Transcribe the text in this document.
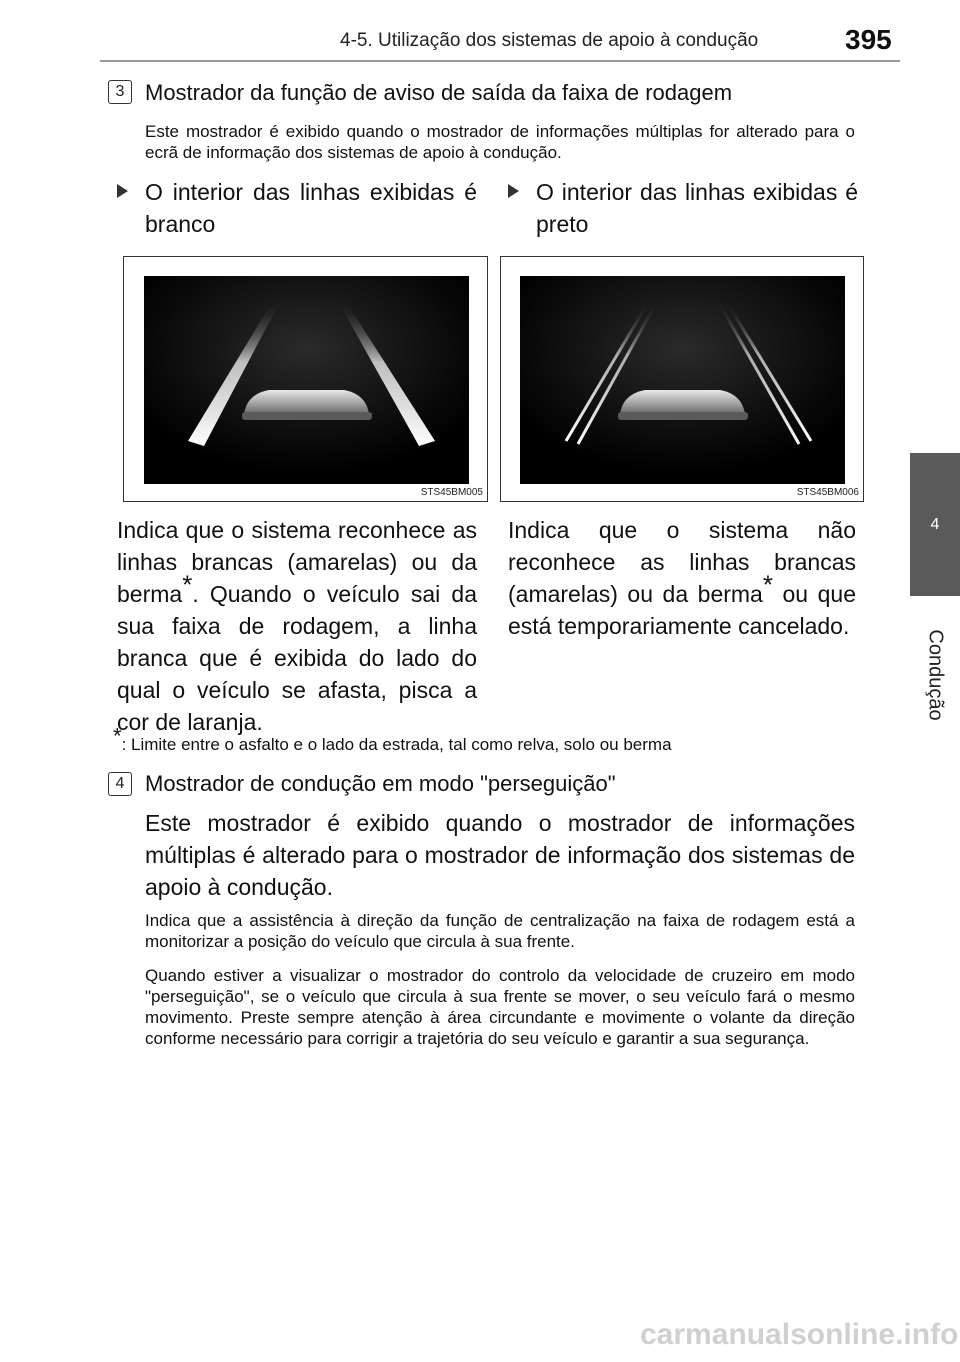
4-5. Utilização dos sistemas de apoio à condução	395
4
Condução
3 Mostrador da função de aviso de saída da faixa de rodagem
Este mostrador é exibido quando o mostrador de informações múltiplas for alterado para o ecrã de informação dos sistemas de apoio à condução.
O interior das linhas exibidas é branco
O interior das linhas exibidas é preto
STS45BM005	STS45BM006
Indica que o sistema reconhece as linhas brancas (amarelas) ou da berma*. Quando o veículo sai da sua faixa de rodagem, a linha branca que é exibida do lado do qual o veículo se afasta, pisca a cor de laranja.
Indica que o sistema não reconhece as linhas brancas (amarelas) ou da berma* ou que está temporariamente cancelado.
*: Limite entre o asfalto e o lado da estrada, tal como relva, solo ou berma
4 Mostrador de condução em modo "perseguição"
Este mostrador é exibido quando o mostrador de informações múltiplas é alterado para o mostrador de informação dos sistemas de apoio à condução.
Indica que a assistência à direção da função de centralização na faixa de rodagem está a monitorizar a posição do veículo que circula à sua frente.
Quando estiver a visualizar o mostrador do controlo da velocidade de cruzeiro em modo "perseguição", se o veículo que circula à sua frente se mover, o seu veículo fará o mesmo movimento. Preste sempre atenção à área circundante e movimente o volante da direção conforme necessário para corrigir a trajetória do seu veículo e garantir a sua segurança.
carmanualsonline.info
